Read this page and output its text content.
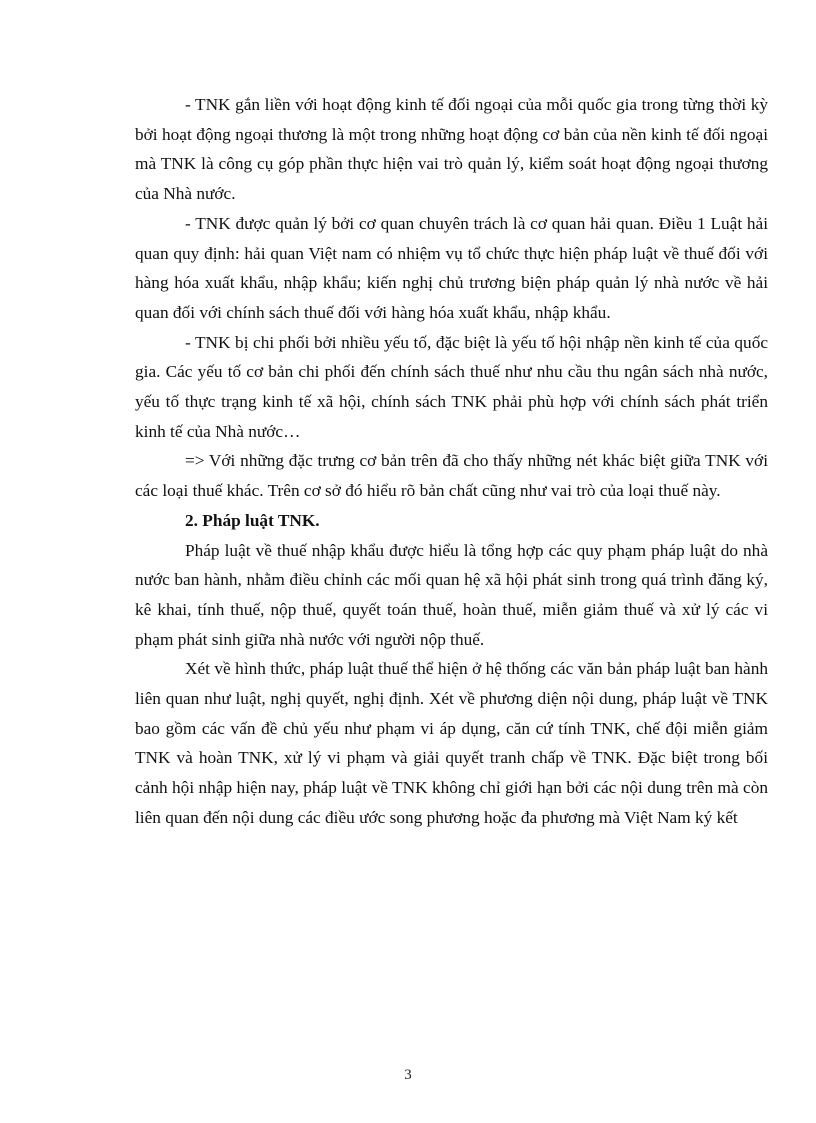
- TNK gắn liền với hoạt động kinh tế đối ngoại của mỗi quốc gia trong từng thời kỳ bởi hoạt động ngoại thương là một trong những hoạt động cơ bản của nền kinh tế đối ngoại mà TNK là công cụ góp phần thực hiện vai trò quản lý, kiểm soát hoạt động ngoại thương của Nhà nước.

- TNK được quản lý bởi cơ quan chuyên trách là cơ quan hải quan. Điều 1 Luật hải quan quy định: hải quan Việt nam có nhiệm vụ tổ chức thực hiện pháp luật về thuế đối với hàng hóa xuất khẩu, nhập khẩu; kiến nghị chủ trương biện pháp quản lý nhà nước về hải quan đối với chính sách thuế đối với hàng hóa xuất khẩu, nhập khẩu.

- TNK bị chi phối bởi nhiều yếu tố, đặc biệt là yếu tố hội nhập nền kinh tế của quốc gia. Các yếu tố cơ bản chi phối đến chính sách thuế như nhu cầu thu ngân sách nhà nước, yếu tố thực trạng kinh tế xã hội, chính sách TNK phải phù hợp với chính sách phát triển kinh tế của Nhà nước…

=> Với những đặc trưng cơ bản trên đã cho thấy những nét khác biệt giữa TNK với các loại thuế khác. Trên cơ sở đó hiểu rõ bản chất cũng như vai trò của loại thuế này.

2. Pháp luật TNK.

Pháp luật về thuế nhập khẩu được hiểu là tổng hợp các quy phạm pháp luật do nhà nước ban hành, nhằm điều chỉnh các mối quan hệ xã hội phát sinh trong quá trình đăng ký, kê khai, tính thuế, nộp thuế, quyết toán thuế, hoàn thuế, miễn giảm thuế và xử lý các vi phạm phát sinh giữa nhà nước với người nộp thuế.

Xét về hình thức, pháp luật thuế thể hiện ở hệ thống các văn bản pháp luật ban hành liên quan như luật, nghị quyết, nghị định. Xét về phương diện nội dung, pháp luật về TNK bao gồm các vấn đề chủ yếu như phạm vi áp dụng, căn cứ tính TNK, chế đội miễn giảm TNK và hoàn TNK, xử lý vi phạm và giải quyết tranh chấp về TNK. Đặc biệt trong bối cảnh hội nhập hiện nay, pháp luật về TNK không chỉ giới hạn bởi các nội dung trên mà còn liên quan đến nội dung các điều ước song phương hoặc đa phương mà Việt Nam ký kết

3
